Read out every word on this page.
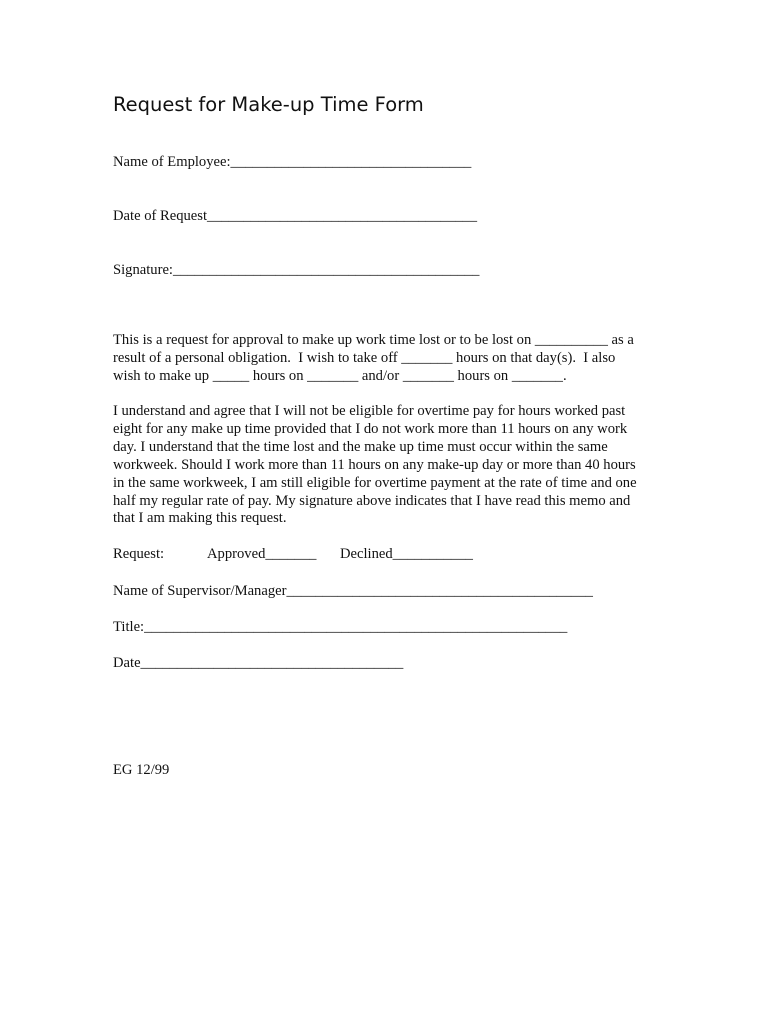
Request for Make-up Time Form
Name of Employee:_________________________________
Date of Request_____________________________________
Signature:__________________________________________
This is a request for approval to make up work time lost or to be lost on __________ as a
result of a personal obligation.  I wish to take off _______ hours on that day(s).  I also
wish to make up _____ hours on _______ and/or _______ hours on _______.
I understand and agree that I will not be eligible for overtime pay for hours worked past
eight for any make up time provided that I do not work more than 11 hours on any work
day. I understand that the time lost and the make up time must occur within the same
workweek. Should I work more than 11 hours on any make-up day or more than 40 hours
in the same workweek, I am still eligible for overtime payment at the rate of time and one
half my regular rate of pay. My signature above indicates that I have read this memo and
that I am making this request.
Request:	Approved_______ Declined___________
Name of Supervisor/Manager__________________________________________
Title:__________________________________________________________
Date____________________________________
EG 12/99
